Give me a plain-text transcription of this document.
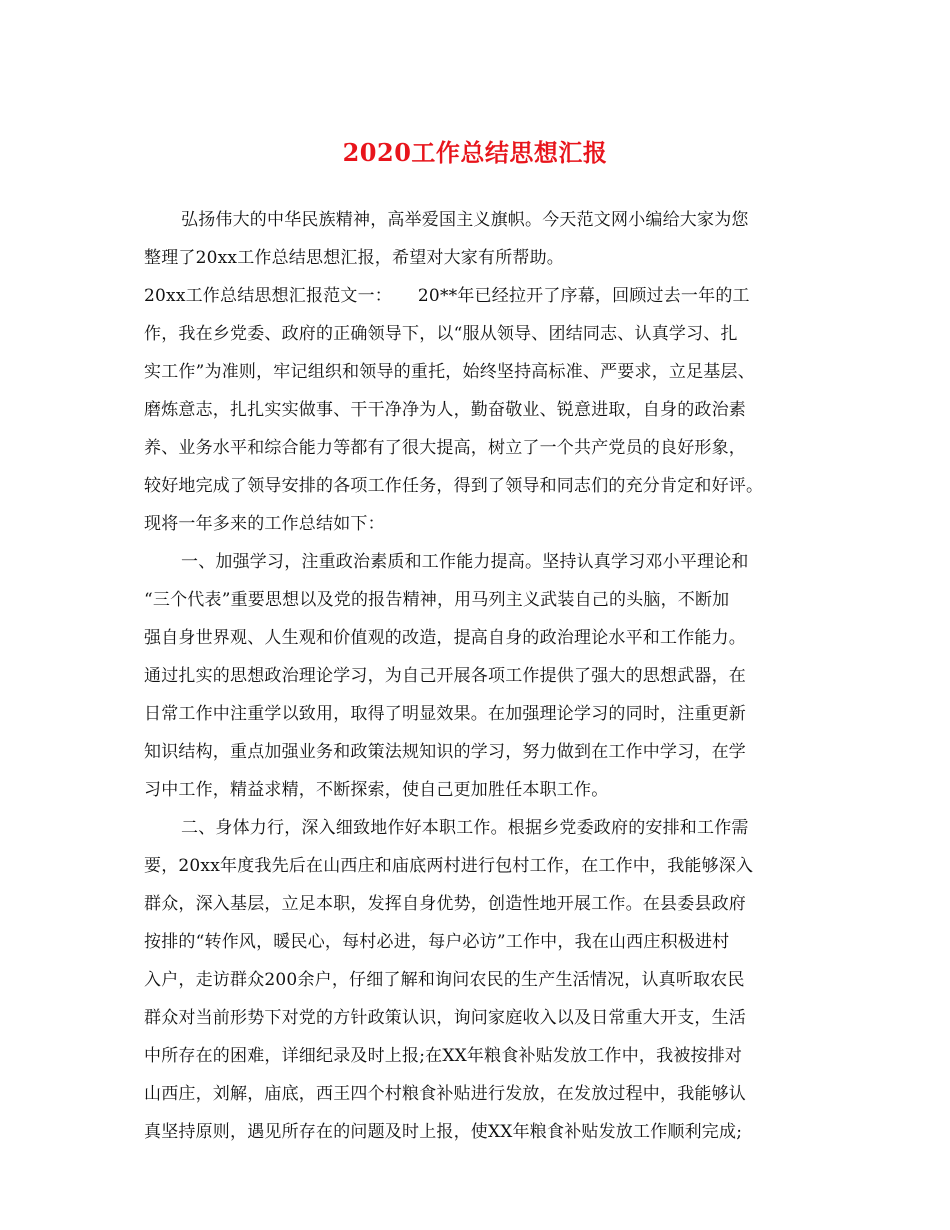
2020工作总结思想汇报
弘扬伟大的中华民族精神，高举爱国主义旗帜。今天范文网小编给大家为您
整理了20xx工作总结思想汇报，希望对大家有所帮助。
20xx工作总结思想汇报范文一：　　20**年已经拉开了序幕，回顾过去一年的工
作，我在乡党委、政府的正确领导下，以“服从领导、团结同志、认真学习、扎
实工作”为准则，牢记组织和领导的重托，始终坚持高标准、严要求，立足基层、
磨炼意志，扎扎实实做事、干干净净为人，勤奋敬业、锐意进取，自身的政治素
养、业务水平和综合能力等都有了很大提高，树立了一个共产党员的良好形象，
较好地完成了领导安排的各项工作任务，得到了领导和同志们的充分肯定和好评。
现将一年多来的工作总结如下：
一、加强学习，注重政治素质和工作能力提高。坚持认真学习邓小平理论和
“三个代表”重要思想以及党的报告精神，用马列主义武装自己的头脑，不断加
强自身世界观、人生观和价值观的改造，提高自身的政治理论水平和工作能力。
通过扎实的思想政治理论学习，为自己开展各项工作提供了强大的思想武器，在
日常工作中注重学以致用，取得了明显效果。在加强理论学习的同时，注重更新
知识结构，重点加强业务和政策法规知识的学习，努力做到在工作中学习，在学
习中工作，精益求精，不断探索，使自己更加胜任本职工作。
二、身体力行，深入细致地作好本职工作。根据乡党委政府的安排和工作需
要，20xx年度我先后在山西庄和庙底两村进行包村工作，在工作中，我能够深入
群众，深入基层，立足本职，发挥自身优势，创造性地开展工作。在县委县政府
按排的“转作风，暖民心，每村必进，每户必访”工作中，我在山西庄积极进村
入户，走访群众200余户，仔细了解和询问农民的生产生活情况，认真听取农民
群众对当前形势下对党的方针政策认识，询问家庭收入以及日常重大开支，生活
中所存在的困难，详细纪录及时上报;在XX年粮食补贴发放工作中，我被按排对
山西庄，刘解，庙底，西王四个村粮食补贴进行发放，在发放过程中，我能够认
真坚持原则，遇见所存在的问题及时上报，使XX年粮食补贴发放工作顺利完成;
